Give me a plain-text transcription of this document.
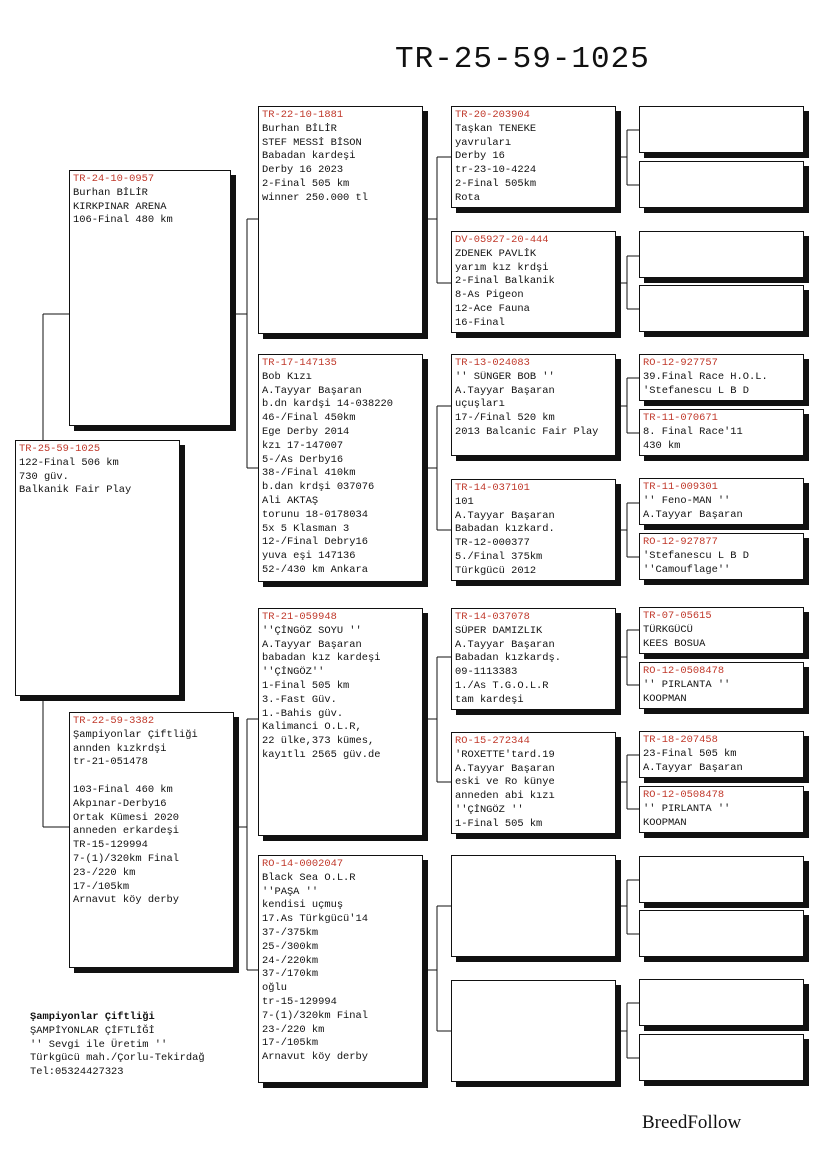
TR-25-59-1025
TR-25-59-1025
122-Final 506 km
730 güv.
Balkanik Fair Play
TR-24-10-0957
Burhan BİLİR
KIRKPINAR ARENA
106-Final 480 km
TR-22-59-3382
Şampiyonlar Çiftliği
annden kızkrdşi
tr-21-051478

103-Final 460 km
Akpınar-Derby16
Ortak Kümesi 2020
anneden erkardeşi
TR-15-129994
7-(1)/320km Final
23-/220 km
17-/105km
Arnavut köy derby
TR-22-10-1881
Burhan BİLİR
STEF MESSİ BİSON
Babadan kardeşi
Derby 16 2023
2-Final 505 km
winner 250.000 tl
TR-17-147135
Bob Kızı
A.Tayyar Başaran
b.dn kardşi 14-038220
46-/Final 450km
Ege Derby 2014
kzı 17-147007
5-/As Derby16
38-/Final 410km
b.dan krdşi 037076
Ali AKTAŞ
torunu 18-0178034
5x 5 Klasman 3
12-/Final Debry16
yuva eşi 147136
52-/430 km Ankara
TR-21-059948
''ÇİNGÖZ SOYU ''
A.Tayyar Başaran
babadan kız kardeşi
''ÇİNGÖZ''
1-Final 505 km
3.-Fast Güv.
1.-Bahis güv.
Kalimanci O.L.R,
22 ülke,373 kümes,
kayıtlı 2565 güv.de
RO-14-0002047
Black Sea O.L.R
''PAŞA ''
kendisi uçmuş
17.As Türkgücü'14
37-/375km
25-/300km
24-/220km
37-/170km
oğlu
tr-15-129994
7-(1)/320km Final
23-/220 km
17-/105km
Arnavut köy derby
TR-20-203904
Taşkan TENEKE
yavruları
Derby 16
tr-23-10-4224
2-Final 505km
Rota
DV-05927-20-444
ZDENEK PAVLİK
yarım kız krdşi
2-Final Balkanik
8-As Pigeon
12-Ace Fauna
16-Final
TR-13-024083
'' SÜNGER BOB ''
A.Tayyar Başaran
uçuşları
17-/Final 520 km
2013 Balcanic Fair Play
TR-14-037101
101
A.Tayyar Başaran
Babadan kızkard.
TR-12-000377
5./Final 375km
Türkgücü 2012
TR-14-037078
SÜPER DAMIZLIK
A.Tayyar Başaran
Babadan kızkardş.
09-1113383
1./As T.G.O.L.R
tam kardeşi
RO-15-272344
'ROXETTE'tard.19
A.Tayyar Başaran
eski ve Ro künye
anneden abi kızı
''ÇİNGÖZ ''
1-Final 505 km
RO-12-927757
39.Final Race H.O.L.
'Stefanescu L B D
TR-11-070671
8. Final Race'11
430 km
TR-11-009301
'' Feno-MAN ''
A.Tayyar Başaran
RO-12-927877
'Stefanescu L B D
''Camouflage''
TR-07-05615
TÜRKGÜCÜ
KEES BOSUA
RO-12-0508478
'' PIRLANTA ''
KOOPMAN
TR-18-207458
23-Final 505 km
A.Tayyar Başaran
RO-12-0508478
'' PIRLANTA ''
KOOPMAN
Şampiyonlar Çiftliği
ŞAMPİYONLAR ÇİFTLİĞİ
'' Sevgi ile Üretim ''
Türkgücü mah./Çorlu-Tekirdağ
Tel:05324427323
BreedFollow
